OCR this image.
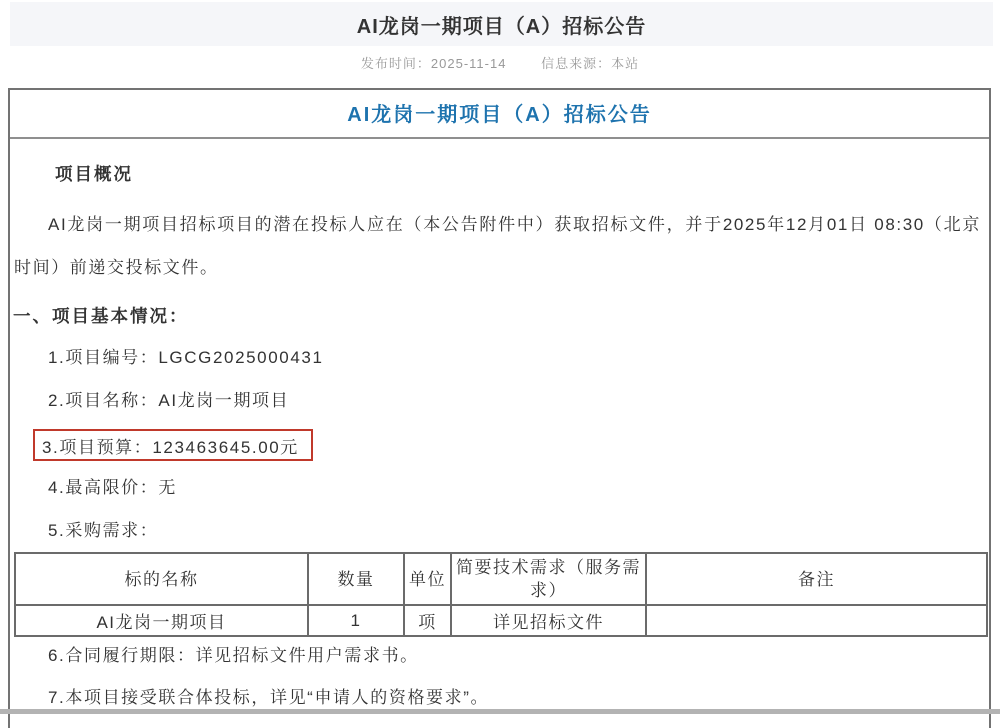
AI龙岗一期项目（A）招标公告
发布时间：2025-11-14	信息来源：本站
AI龙岗一期项目（A）招标公告
项目概况
AI龙岗一期项目招标项目的潜在投标人应在（本公告附件中）获取招标文件，并于2025年12月01日 08:30（北京时间）前递交投标文件。
一、项目基本情况：
1.项目编号：LGCG2025000431
2.项目名称：AI龙岗一期项目
3.项目预算：123463645.00元
4.最高限价：无
5.采购需求：
标的名称	数量	单位	简要技术需求（服务需求）	备注
AI龙岗一期项目	1	项	详见招标文件	
6.合同履行期限：详见招标文件用户需求书。
7.本项目接受联合体投标，详见“申请人的资格要求”。
